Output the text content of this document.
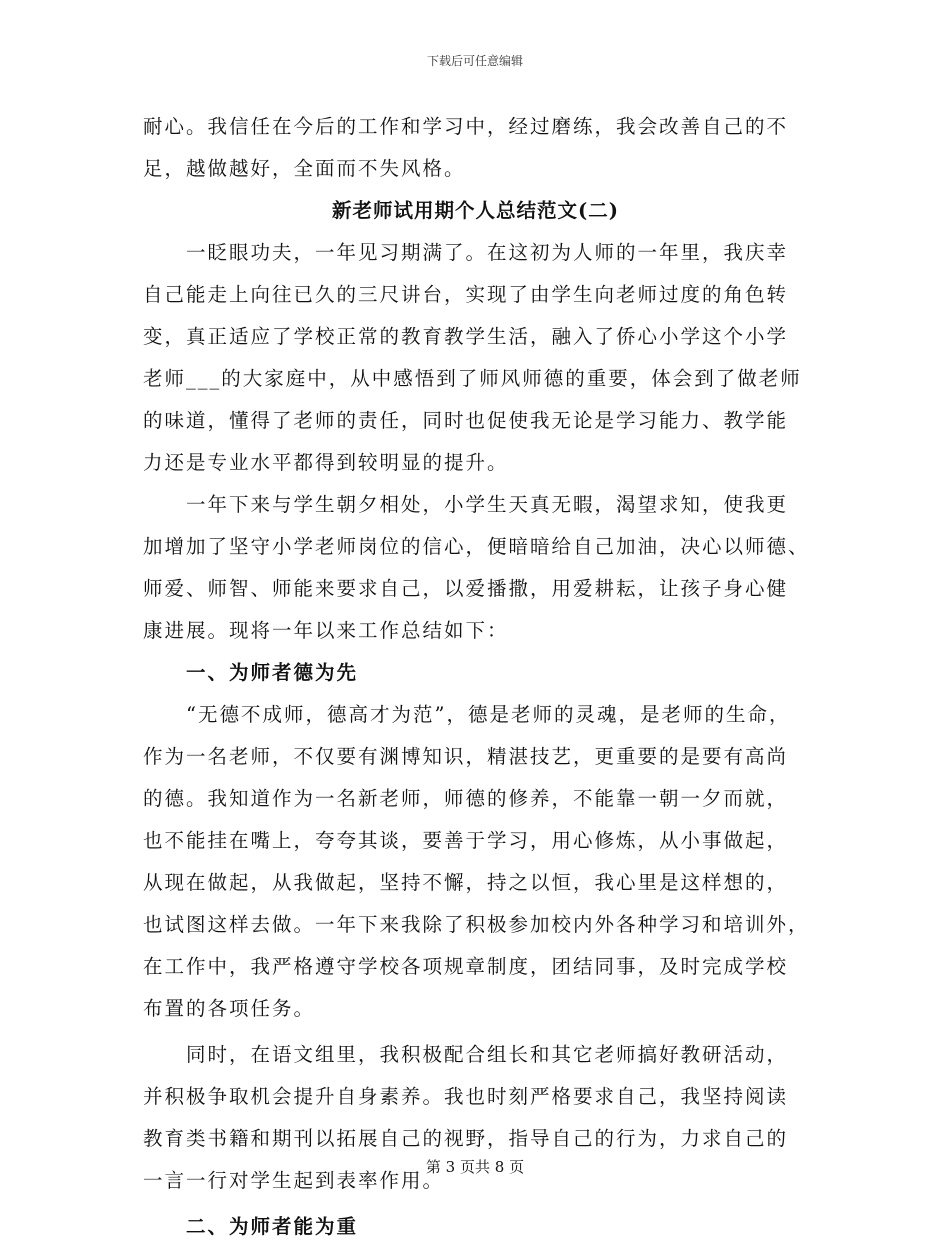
下载后可任意编辑
耐心。我信任在今后的工作和学习中，经过磨练，我会改善自己的不
足，越做越好，全面而不失风格。
新老师试用期个人总结范文(二)
一眨眼功夫，一年见习期满了。在这初为人师的一年里，我庆幸
自己能走上向往已久的三尺讲台，实现了由学生向老师过度的角色转
变，真正适应了学校正常的教育教学生活，融入了侨心小学这个小学
老师___的大家庭中，从中感悟到了师风师德的重要，体会到了做老师
的味道，懂得了老师的责任，同时也促使我无论是学习能力、教学能
力还是专业水平都得到较明显的提升。
一年下来与学生朝夕相处，小学生天真无暇，渴望求知，使我更
加增加了坚守小学老师岗位的信心，便暗暗给自己加油，决心以师德、
师爱、师智、师能来要求自己，以爱播撒，用爱耕耘，让孩子身心健
康进展。现将一年以来工作总结如下：
一、为师者德为先
“无德不成师，德高才为范”，德是老师的灵魂，是老师的生命，
作为一名老师，不仅要有渊博知识，精湛技艺，更重要的是要有高尚
的德。我知道作为一名新老师，师德的修养，不能靠一朝一夕而就，
也不能挂在嘴上，夸夸其谈，要善于学习，用心修炼，从小事做起，
从现在做起，从我做起，坚持不懈，持之以恒，我心里是这样想的，
也试图这样去做。一年下来我除了积极参加校内外各种学习和培训外，
在工作中，我严格遵守学校各项规章制度，团结同事，及时完成学校
布置的各项任务。
同时，在语文组里，我积极配合组长和其它老师搞好教研活动，
并积极争取机会提升自身素养。我也时刻严格要求自己，我坚持阅读
教育类书籍和期刊以拓展自己的视野，指导自己的行为，力求自己的
一言一行对学生起到表率作用。
二、为师者能为重
第 3 页共 8 页
